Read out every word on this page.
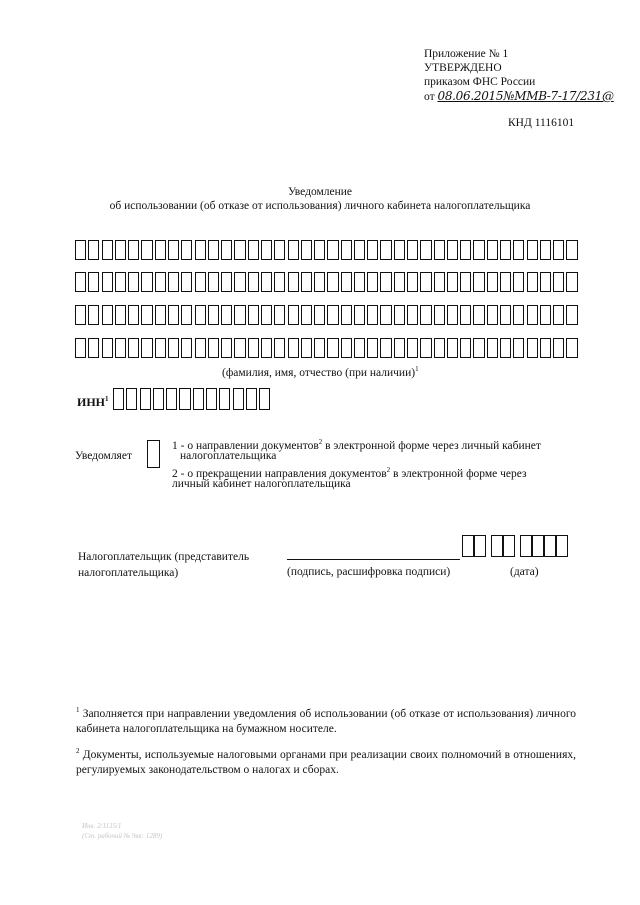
Приложение № 1
УТВЕРЖДЕНО
приказом ФНС России
от 08.06.2015№ММВ-7-17/231@
КНД 1116101
Уведомление
об использовании (об отказе от использования) личного кабинета налогоплательщика
(фамилия, имя, отчество (при наличии)$^1$
ИНН$^1$
Уведомляет
1 - о направлении документов$^2$ в электронной форме через личный кабинет
налогоплательщика
2 - о прекращении направления документов$^2$ в электронной форме через
личный кабинет налогоплательщика
Налогоплательщик (представитель
налогоплательщика)	(подпись, расшифровка подписи)	(дата)
$^1$ Заполняется при направлении уведомления об использовании (об отказе от использования) личного кабинета налогоплательщика на бумажном носителе.
$^2$ Документы, используемые налоговыми органами при реализации своих полномочий в отношениях, регулируемых законодательством о налогах и сборах.
Инв. 2/1135/1
(Ст. рабочий № 9вк: 1289)
